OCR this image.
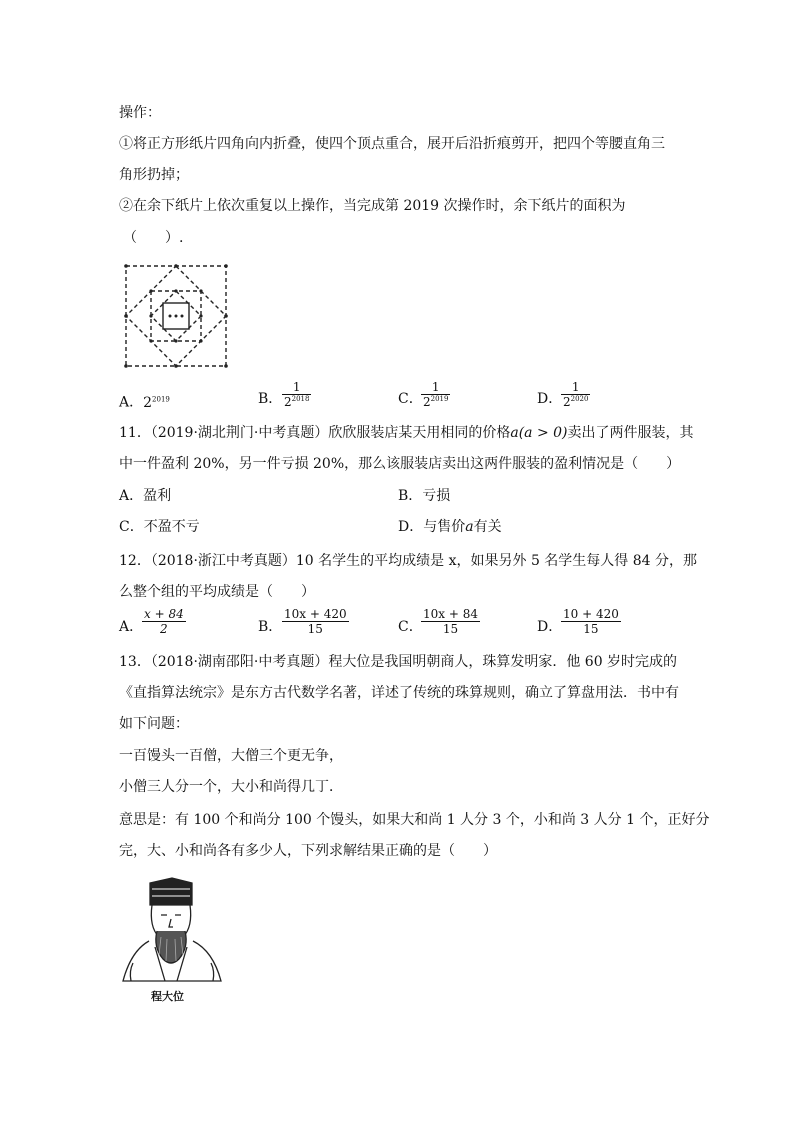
操作：
①将正方形纸片四角向内折叠，使四个顶点重合，展开后沿折痕剪开，把四个等腰直角三
角形扔掉；
②在余下纸片上依次重复以上操作，当完成第 2019 次操作时，余下纸片的面积为
（　　）.
A．$2^{2019}$	B． $\frac{1}{2^{2018}}$	C．
$\frac{1}{2^{2019}}$	D．
$\frac{1}{2^{2020}}$
11．（2019·湖北荆门·中考真题）欣欣服装店某天用相同的价格a(a > 0)卖出了两件服装，其
中一件盈利 20%，另一件亏损 20%，那么该服装店卖出这两件服装的盈利情况是（　　）
A．盈利	B．亏损
C．不盈不亏	D．与售价a有关
12．（2018·浙江中考真题）10 名学生的平均成绩是 x，如果另外 5 名学生每人得 84 分，那
么整个组的平均成绩是（　　）
A．
$\frac{x + 84}{2}$	B． $\frac{10x + 420}{15}$	C．
$\frac{10x + 84}{15}$	D．
$\frac{10 + 420}{15}$
13．（2018·湖南邵阳·中考真题）程大位是我国明朝商人，珠算发明家．他 60 岁时完成的
《直指算法统宗》是东方古代数学名著，详述了传统的珠算规则，确立了算盘用法．书中有
如下问题：
一百馒头一百僧，大僧三个更无争，
小僧三人分一个，大小和尚得几丁．
意思是：有 100 个和尚分 100 个馒头，如果大和尚 1 人分 3 个，小和尚 3 人分 1 个，正好分
完，大、小和尚各有多少人，下列求解结果正确的是（　　）
程大位
